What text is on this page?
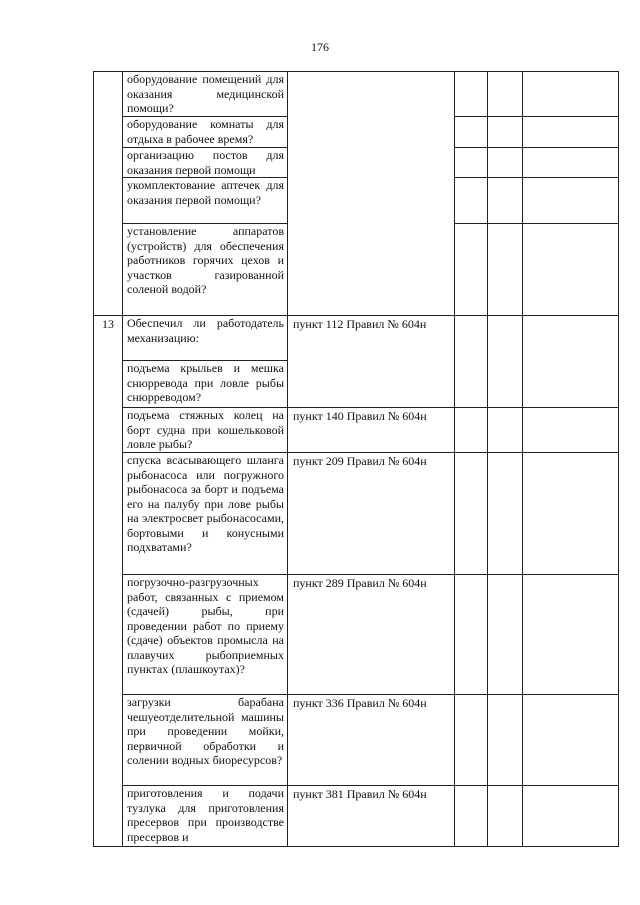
176

	оборудование помещений для оказания медицинской помощи?				

	оборудование комнаты для отдыха в рабочее время?				

	организацию постов для оказания первой помощи				

	укомплектование аптечек для оказания первой помощи?				

	установление аппаратов (устройств) для обеспечения работников горячих цехов и участков газированной соленой водой?				

13	Обеспечил ли работодатель механизацию:	пункт 112 Правил № 604н			

	подъема крыльев и мешка снюрревода при ловле рыбы снюрреводом?				

	подъема стяжных колец на борт судна при кошельковой ловле рыбы?	пункт 140 Правил № 604н			

	спуска всасывающего шланга рыбонасоса или погружного рыбонасоса за борт и подъема его на палубу при лове рыбы на электросвет рыбонасосами, бортовыми и конусными подхватами?	пункт 209 Правил № 604н			

	погрузочно-разгрузочных работ, связанных с приемом (сдачей) рыбы, при проведении работ по приему (сдаче) объектов промысла на плавучих рыбоприемных пунктах (плашкоутах)?	пункт 289 Правил № 604н			

	загрузки барабана чешуеотделительной машины при проведении мойки, первичной обработки и солении водных биоресурсов?	пункт 336 Правил № 604н			

	приготовления и подачи тузлука для приготовления пресервов при производстве пресервов и	пункт 381 Правил № 604н			
